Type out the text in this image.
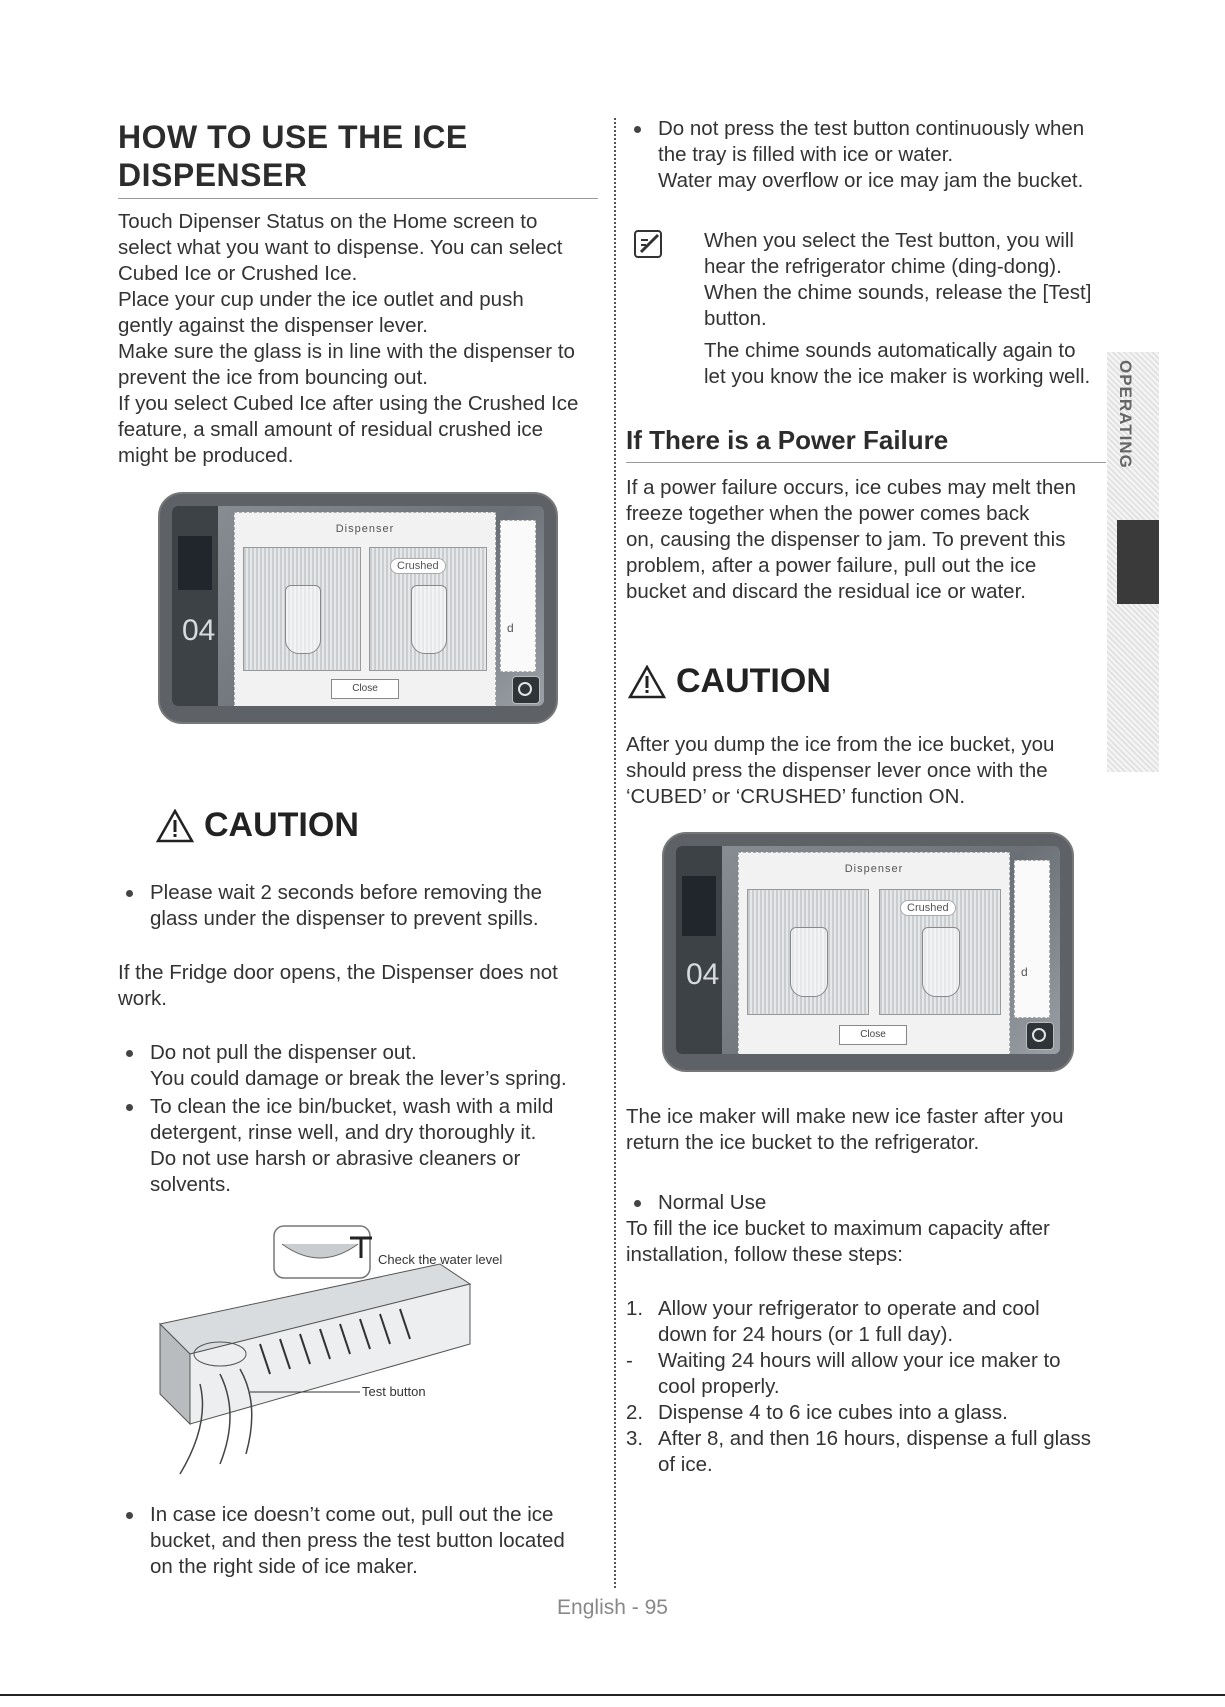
HOW TO USE THE ICE
DISPENSER

Touch Dipenser Status on the Home screen to

select what you want to dispense. You can select

Cubed Ice or Crushed Ice.

Place your cup under the ice outlet and push

gently against the dispenser lever.

Make sure the glass is in line with the dispenser to

prevent the ice from bouncing out.

If you select Cubed Ice after using the Crushed Ice

feature, a small amount of residual crushed ice

might be produced.

04
Dispenser
Crushed
Close
d
CAUTION

Please wait 2 seconds before removing the

glass under the dispenser to prevent spills.

If the Fridge door opens, the Dispenser does not

work.

Do not pull the dispenser out.

You could damage or break the lever’s spring.

To clean the ice bin/bucket, wash with a mild

detergent, rinse well, and dry thoroughly it.

Do not use harsh or abrasive cleaners or

solvents.

Check the water level
Test button

In case ice doesn’t come out, pull out the ice

bucket, and then press the test button located

on the right side of ice maker.

Do not press the test button continuously when

the tray is filled with ice or water.

Water may overflow or ice may jam the bucket.

When you select the Test button, you will

hear the refrigerator chime (ding-dong).

When the chime sounds, release the [Test]

button.

The chime sounds automatically again to

let you know the ice maker is working well.

If There is a Power Failure

If a power failure occurs, ice cubes may melt then

freeze together when the power comes back

on, causing the dispenser to jam. To prevent this

problem, after a power failure, pull out the ice

bucket and discard the residual ice or water.

CAUTION

After you dump the ice from the ice bucket, you

should press the dispenser lever once with the

‘CUBED’ or ‘CRUSHED’ function ON.

04
Dispenser
Crushed
Close
d

The ice maker will make new ice faster after you

return the ice bucket to the refrigerator.

Normal Use

To fill the ice bucket to maximum capacity after

installation, follow these steps:

1. Allow your refrigerator to operate and cool

down for 24 hours (or 1 full day).

-	Waiting 24 hours will allow your ice maker to

cool properly.

2. Dispense 4 to 6 ice cubes into a glass.

3. After 8, and then 16 hours, dispense a full glass

of ice.

OPERATING
English - 95
